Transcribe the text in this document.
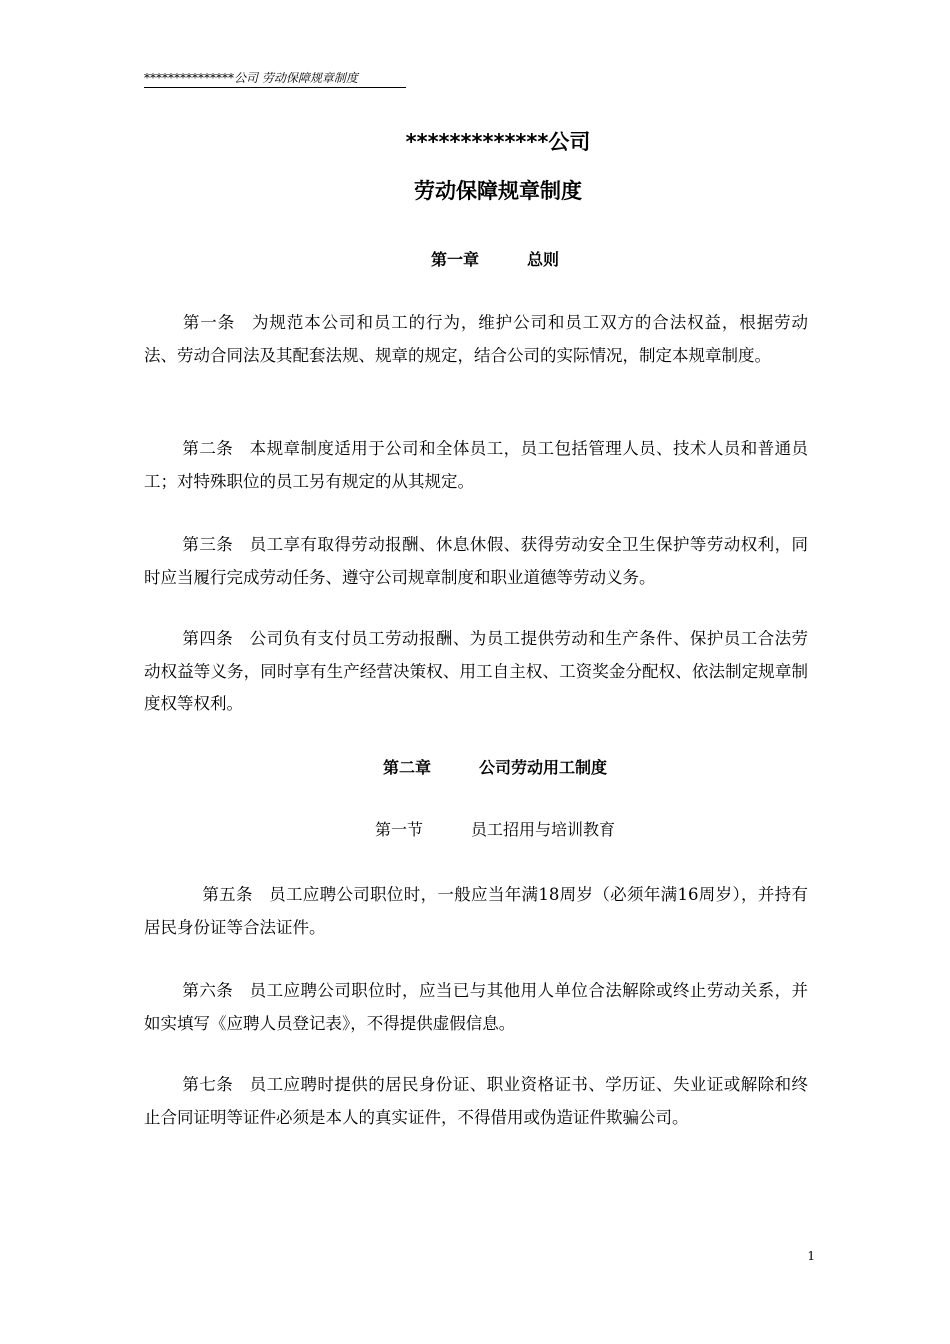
***************公司 劳动保障规章制度
*************公司
劳动保障规章制度
第一章	总则
第一条 为规范本公司和员工的行为，维护公司和员工双方的合法权益，根据劳动法、劳动合同法及其配套法规、规章的规定，结合公司的实际情况，制定本规章制度。
第二条 本规章制度适用于公司和全体员工，员工包括管理人员、技术人员和普通员工；对特殊职位的员工另有规定的从其规定。
第三条 员工享有取得劳动报酬、休息休假、获得劳动安全卫生保护等劳动权利，同时应当履行完成劳动任务、遵守公司规章制度和职业道德等劳动义务。
第四条 公司负有支付员工劳动报酬、为员工提供劳动和生产条件、保护员工合法劳动权益等义务，同时享有生产经营决策权、用工自主权、工资奖金分配权、依法制定规章制度权等权利。
第二章	公司劳动用工制度
第一节	员工招用与培训教育
第五条 员工应聘公司职位时，一般应当年满18周岁（必须年满16周岁），并持有居民身份证等合法证件。
第六条 员工应聘公司职位时，应当已与其他用人单位合法解除或终止劳动关系，并如实填写《应聘人员登记表》，不得提供虚假信息。
第七条 员工应聘时提供的居民身份证、职业资格证书、学历证、失业证或解除和终止合同证明等证件必须是本人的真实证件，不得借用或伪造证件欺骗公司。
1
